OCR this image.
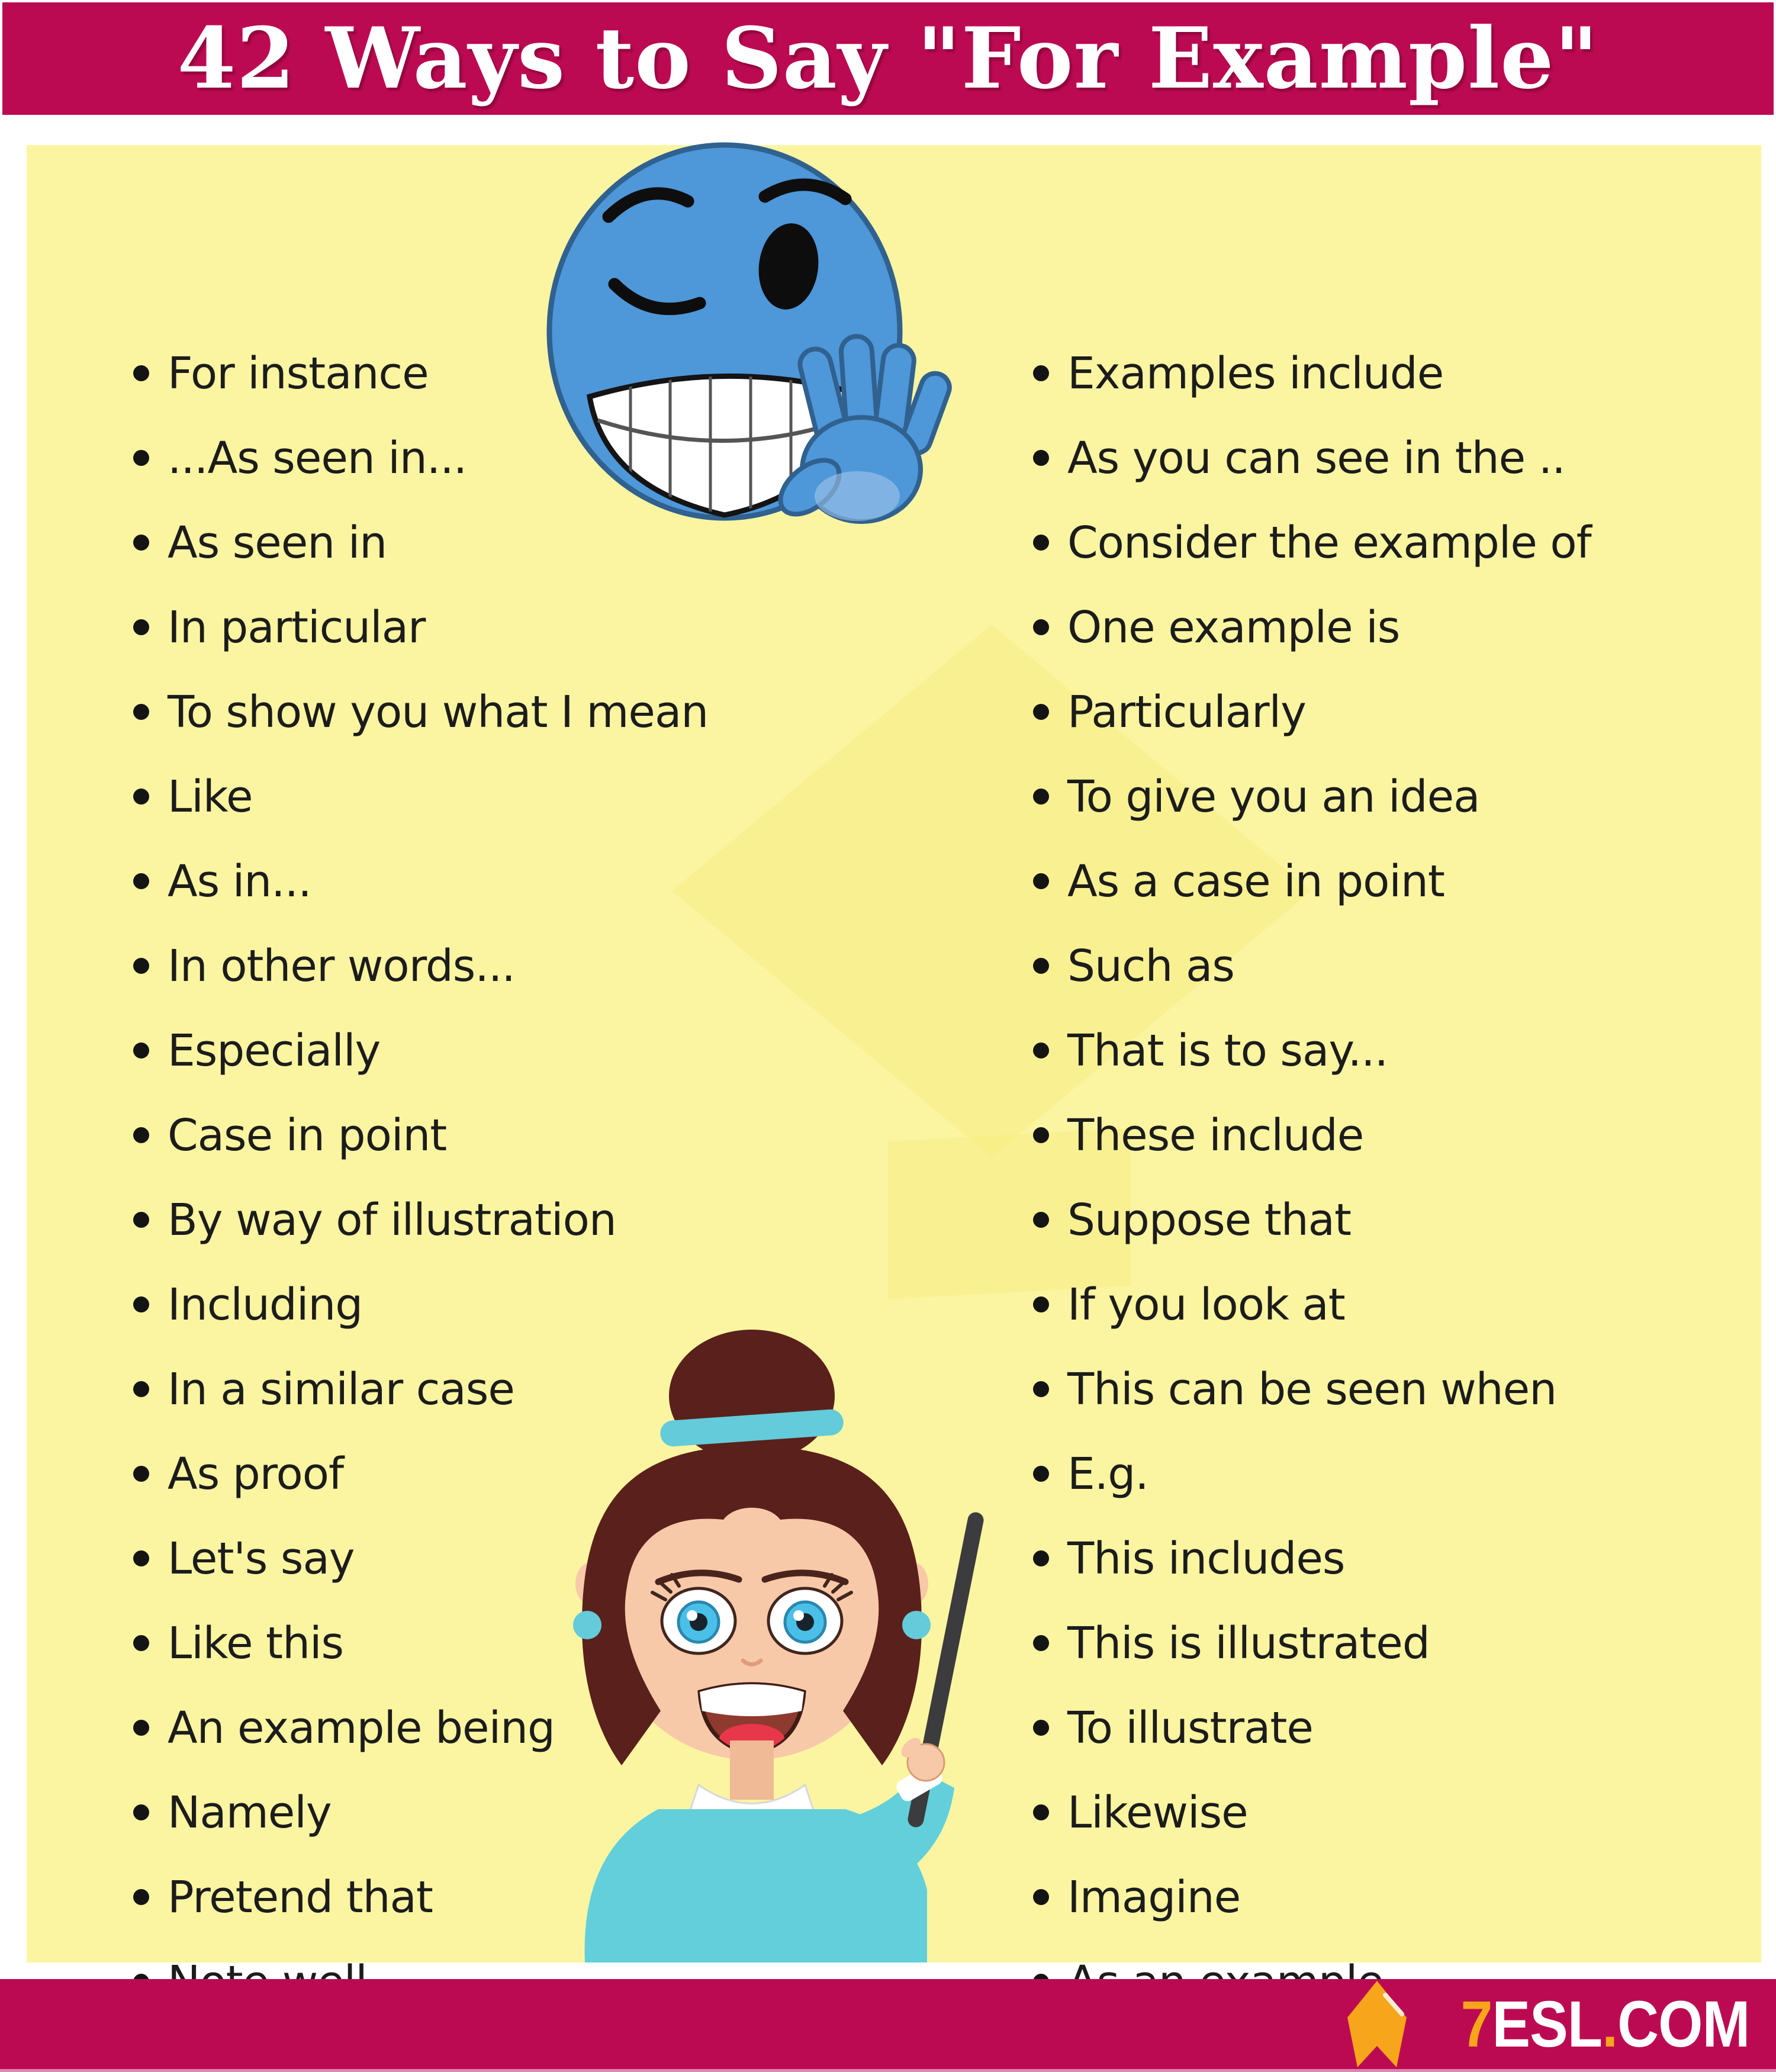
42 Ways to Say "For Example"
For instance
...As seen in...
As seen in
In particular
To show you what I mean
Like
As in...
In other words...
Especially
Case in point
By way of illustration
Including
In a similar case
As proof
Let's say
Like this
An example being
Namely
Pretend that
Examples include
As you can see in the ..
Consider the example of
One example is
Particularly
To give you an idea
As a case in point
Such as
That is to say...
These include
Suppose that
If you look at
This can be seen when
E.g.
This includes
This is illustrated
To illustrate
Likewise
Imagine
7ESL.COM
